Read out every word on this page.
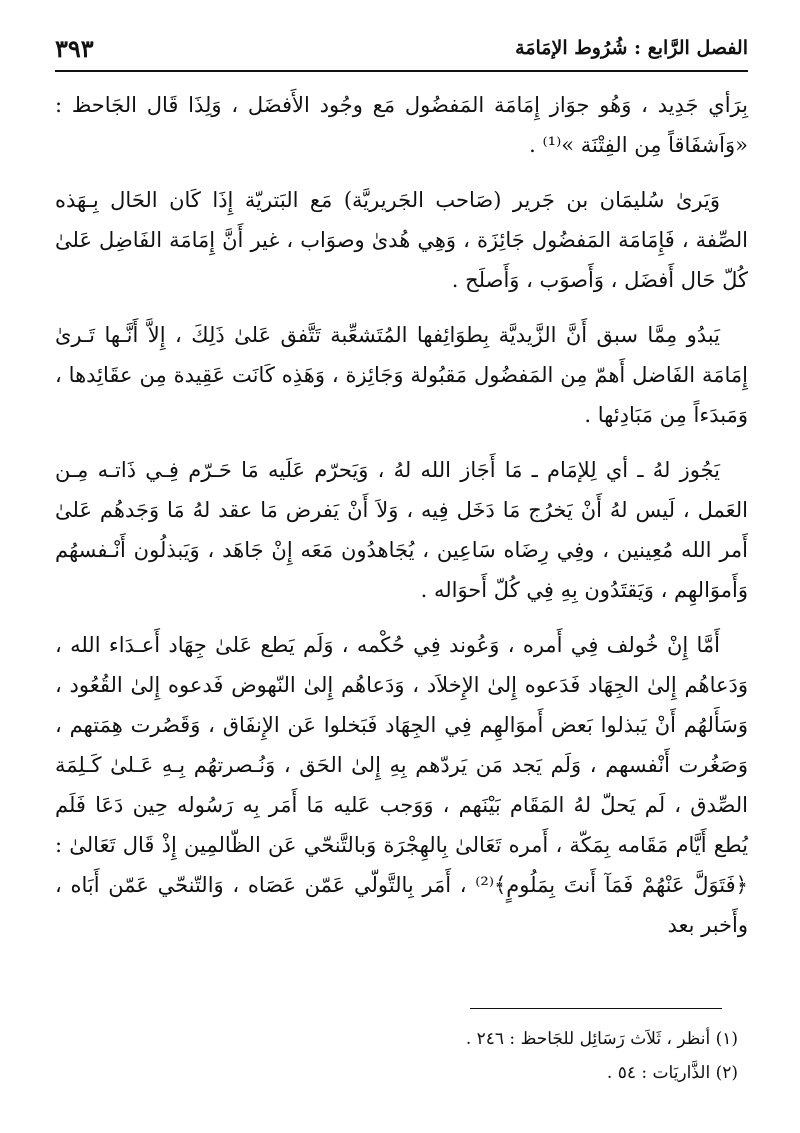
الفصل الرَّابع : شُرُوط الإمَامَة
٣٩٣

بِرَأي جَدِيد ، وَهُو جوَاز إِمَامَة المَفضُول مَع وجُود الأَفضَل ، وَلِذَا قَال الجَاحظ : «وَاَشفَاقاً مِن الفِتْنَة »⁽¹⁾ .

وَيَرىٰ سُليمَان بن جَرير (صَاحب الجَريريَّة) مَع البَتريّة إِذَا كَان الحَال بِـهَذه الصِّفة ، فَإِمَامَة المَفضُول جَائِزَة ، وَهِي هُدىٰ وصوَاب ، غير أَنَّ إِمَامَة الفَاضِل عَلىٰ كُلّ حَال أَفضَل ، وَأَصوَب ، وَأَصلَح .

يَبدُو مِمَّا سبق أَنَّ الزَّيديَّة بِطوَائِفها المُتَشعِّبة تَتَّفق عَلىٰ ذَلِكَ ، إِلاَّ أَنَّـها تَـرىٰ إِمَامَة الفَاضل أَهمّ مِن المَفضُول مَقبُولة وَجَائِزة ، وَهَذِه كَانَت عَقِيدة مِن عقَائِدها ، وَمَبدَءاً مِن مَبَادِئها .

يَجُوز لهُ ـ أي لِلإمَام ـ مَا أَجَاز الله لهُ ، وَيَحرّم عَلَيه مَا حَـرّم فِـي ذَاتـه مِـن العَمل ، لَيس لهُ أَنْ يَخرُج مَا دَخَل فِيه ، وَلاَ أَنْ يَفرض مَا عقد لهُ مَا وَجَدهُم عَلىٰ أَمر الله مُعِينين ، وفِي رِضَاه سَاعِين ، يُجَاهدُون مَعَه إِنْ جَاهَد ، وَيَبذلُون أَنْـفسهُم وَأَموَالهِم ، وَيَقتَدُون بِهِ فِي كُلّ أَحوَاله .

أَمَّا إِنْ خُولف فِي أَمره ، وَعُوند فِي حُكْمه ، وَلَم يَطع عَلىٰ جِهَاد أَعـدَاء الله ، وَدَعاهُم إِلىٰ الجِهَاد فَدَعوه إِلىٰ الإِخلاَد ، وَدَعاهُم إِلىٰ النّهوض فَدعوه إِلىٰ القُعُود ، وَسَأَلهُم أَنْ يَبذلوا بَعض أَموَالهِم فِي الجِهَاد فَبَخلوا عَن الإِنفَاق ، وَقَصُرت هِمَتهم ، وَصَغُرت أَنْفسهم ، وَلَم يَجد مَن يَردّهم بِهِ إِلىٰ الحَق ، وَنُـصرتهُم بِـهِ عَـلىٰ كَـلِمَة الصِّدق ، لَم يَحلّ لهُ المَقَام بَيْنَهم ، وَوَجب عَليه مَا أَمَر بِه رَسُوله حِين دَعَا فَلَم يُطع أَيَّام مَقَامه بِمَكّة ، أَمره تَعَالىٰ بِالهِجْرَة وَبالتَّنحّي عَن الظّالمِين إِذْ قَال تَعَالىٰ : ﴿فَتَوَلَّ عَنْهُمْ فَمَآ أَنتَ بِمَلُومٍ﴾⁽²⁾ ، أَمَر بِالتَّولّي عَمّن عَصَاه ، وَالتّنحّي عَمّن أَبَاه ، وأَخبر بعد

(١) أنظر ، ثَلاَث رَسَائِل للجَاحظ : ٢٤٦ .

(٢) الذَّاريَات : ٥٤ .
